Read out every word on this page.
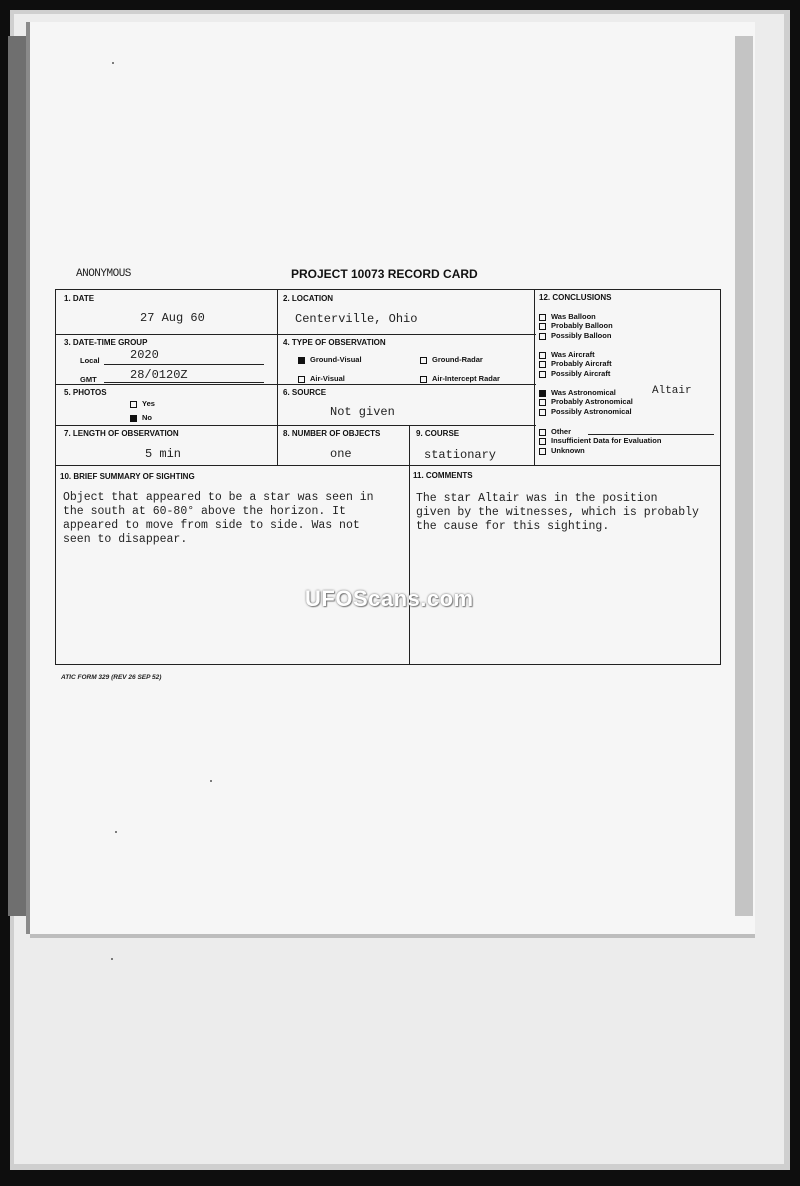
ANONYMOUS	PROJECT 10073 RECORD CARD
1. DATE
27 Aug 60
2. LOCATION
Centerville, Ohio
3. DATE-TIME GROUP
Local	2020
GMT	28/0120Z
4. TYPE OF OBSERVATION
Ground-Visual	Ground-Radar
Air-Visual	Air-Intercept Radar
5. PHOTOS
Yes
No
6. SOURCE
Not given
7. LENGTH OF OBSERVATION
5 min
8. NUMBER OF OBJECTS
one
9. COURSE
stationary
12. CONCLUSIONS
Was Balloon
Probably Balloon
Possibly Balloon
Was Aircraft
Probably Aircraft
Possibly Aircraft
Was Astronomical
Probably Astronomical
Possibly Astronomical
Other
Insufficient Data for Evaluation
Unknown
Altair
10. BRIEF SUMMARY OF SIGHTING
Object that appeared to be a star was seen in
the south at 60-80° above the horizon. It
appeared to move from side to side. Was not
seen to disappear.
11. COMMENTS
The star Altair was in the position
given by the witnesses, which is probably
the cause for this sighting.
UFOScans.com
ATIC FORM 329 (REV 26 SEP 52)
